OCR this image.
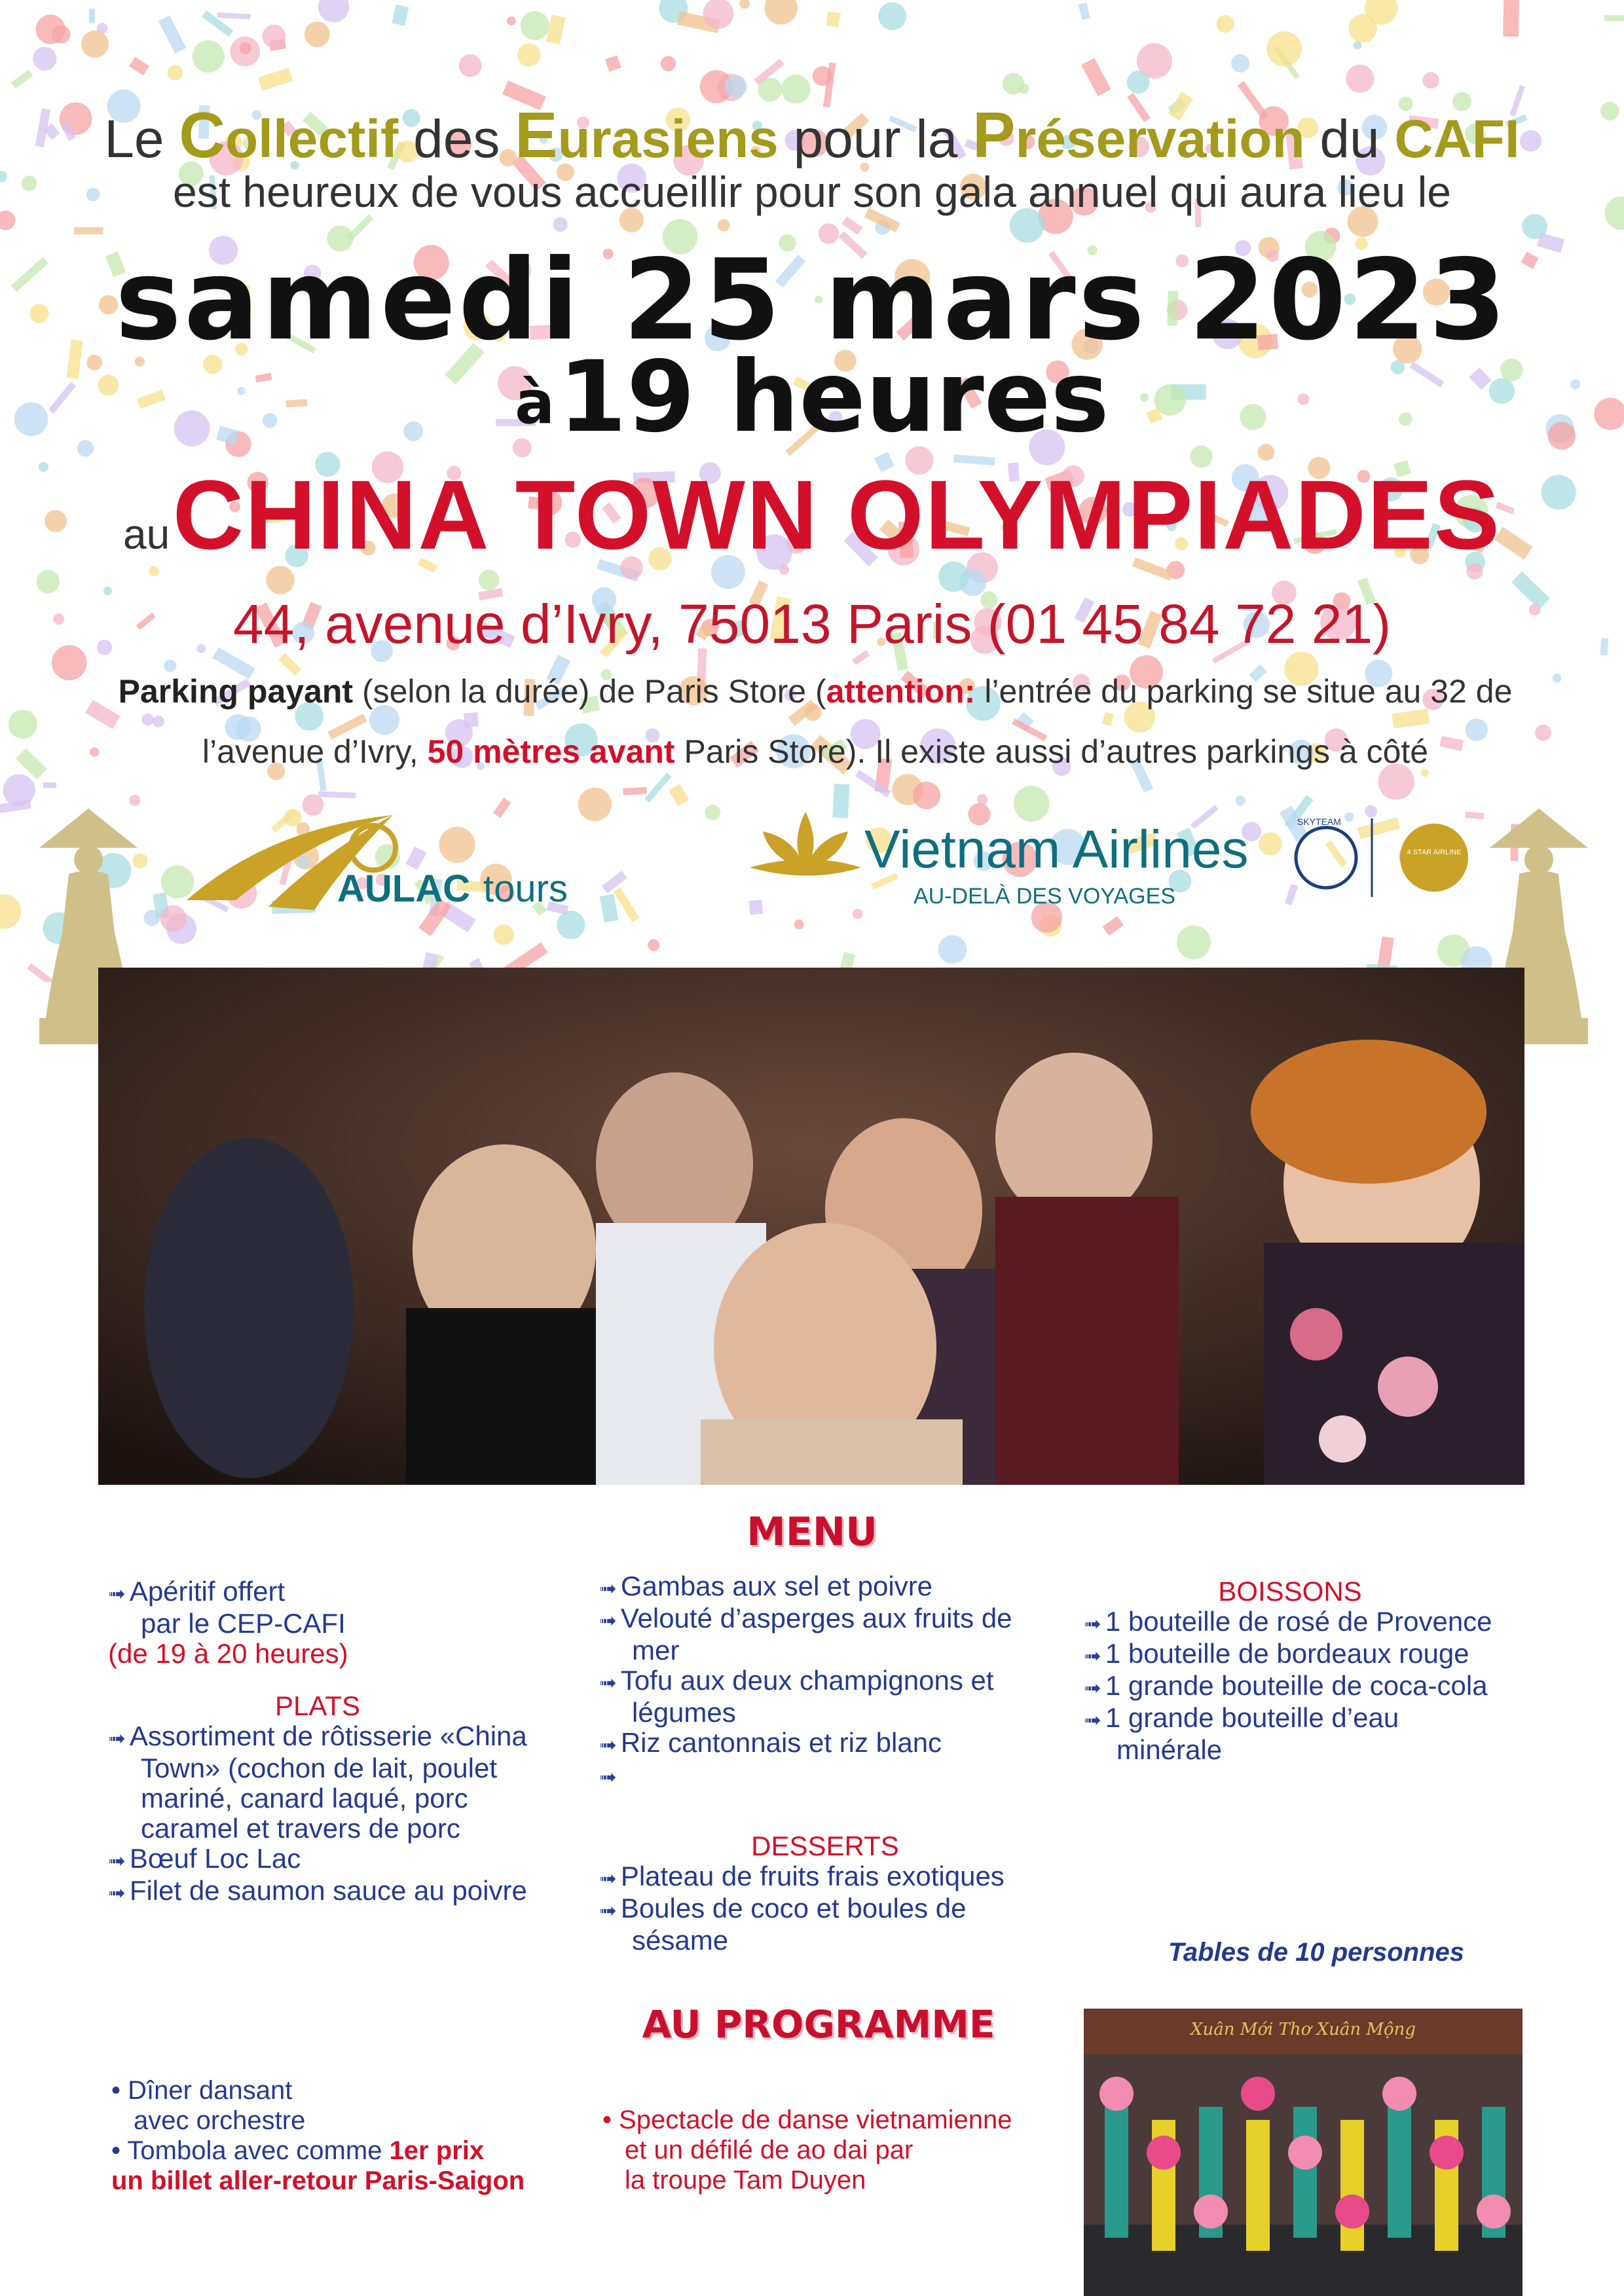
Le Collectif des Eurasiens pour la Préservation du CAFI
est heureux de vous accueillir pour son gala annuel qui aura lieu le
samedi 25 mars 2023
à 19 heures
au CHINA TOWN OLYMPIADES
44, avenue d’Ivry, 75013 Paris (01 45 84 72 21)
Parking payant (selon la durée) de Paris Store (attention: l’entrée du parking se situe au 32 de l’avenue d’Ivry, 50 mètres avant Paris Store). Il existe aussi d’autres parkings à côté
AULAC tours
Vietnam Airlines
AU-DELÀ DES VOYAGES
SKYTEAM
4 STAR AIRLINE
MENU
➟ Apéritif offert
par le CEP-CAFI
(de 19 à 20 heures)
PLATS
➟ Assortiment de rôtisserie «China Town» (cochon de lait, poulet mariné, canard laqué, porc caramel et travers de porc
➟ Bœuf Loc Lac
➟ Filet de saumon sauce au poivre
➟ Gambas aux sel et poivre
➟ Velouté d’asperges aux fruits de mer
➟ Tofu aux deux champignons et légumes
➟ Riz cantonnais et riz blanc
➟
DESSERTS
➟ Plateau de fruits frais exotiques
➟ Boules de coco et boules de sésame
BOISSONS
➟ 1 bouteille de rosé de Provence
➟ 1 bouteille de bordeaux rouge
➟ 1 grande bouteille de coca-cola
➟ 1 grande bouteille d’eau minérale
Tables de 10 personnes
AU PROGRAMME
• Dîner dansant
avec orchestre
• Tombola avec comme 1er prix
un billet aller-retour Paris-Saigon
• Spectacle de danse vietnamienne
et un défilé de ao dai par
la troupe Tam Duyen
Xuân Mới Thơ Xuân Mộng
